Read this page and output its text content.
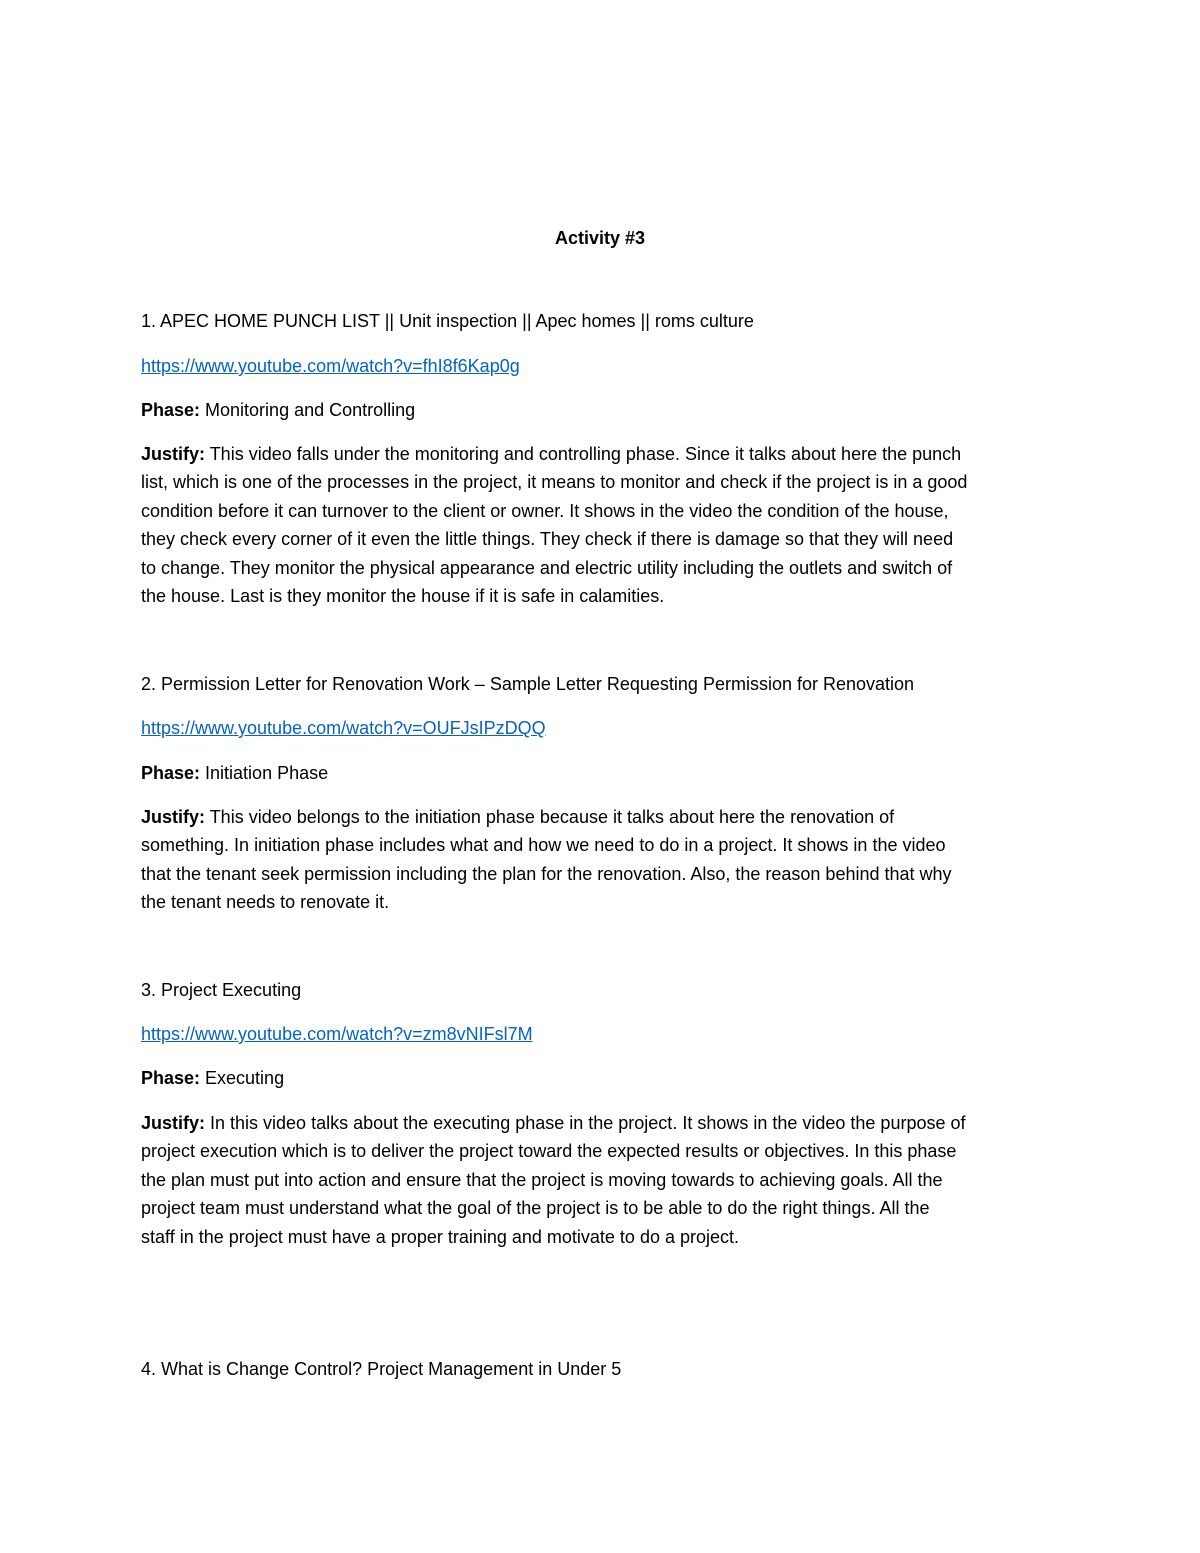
Activity #3
1. APEC HOME PUNCH LIST || Unit inspection || Apec homes || roms culture
https://www.youtube.com/watch?v=fhI8f6Kap0g
Phase: Monitoring and Controlling
Justify: This video falls under the monitoring and controlling phase. Since it talks about here the punch
list, which is one of the processes in the project, it means to monitor and check if the project is in a good
condition before it can turnover to the client or owner. It shows in the video the condition of the house,
they check every corner of it even the little things. They check if there is damage so that they will need
to change. They monitor the physical appearance and electric utility including the outlets and switch of
the house. Last is they monitor the house if it is safe in calamities.
2. Permission Letter for Renovation Work – Sample Letter Requesting Permission for Renovation
https://www.youtube.com/watch?v=OUFJsIPzDQQ
Phase: Initiation Phase
Justify: This video belongs to the initiation phase because it talks about here the renovation of
something. In initiation phase includes what and how we need to do in a project. It shows in the video
that the tenant seek permission including the plan for the renovation. Also, the reason behind that why
the tenant needs to renovate it.
3. Project Executing
https://www.youtube.com/watch?v=zm8vNIFsl7M
Phase: Executing
Justify: In this video talks about the executing phase in the project. It shows in the video the purpose of
project execution which is to deliver the project toward the expected results or objectives. In this phase
the plan must put into action and ensure that the project is moving towards to achieving goals. All the
project team must understand what the goal of the project is to be able to do the right things. All the
staff in the project must have a proper training and motivate to do a project.
4. What is Change Control? Project Management in Under 5
